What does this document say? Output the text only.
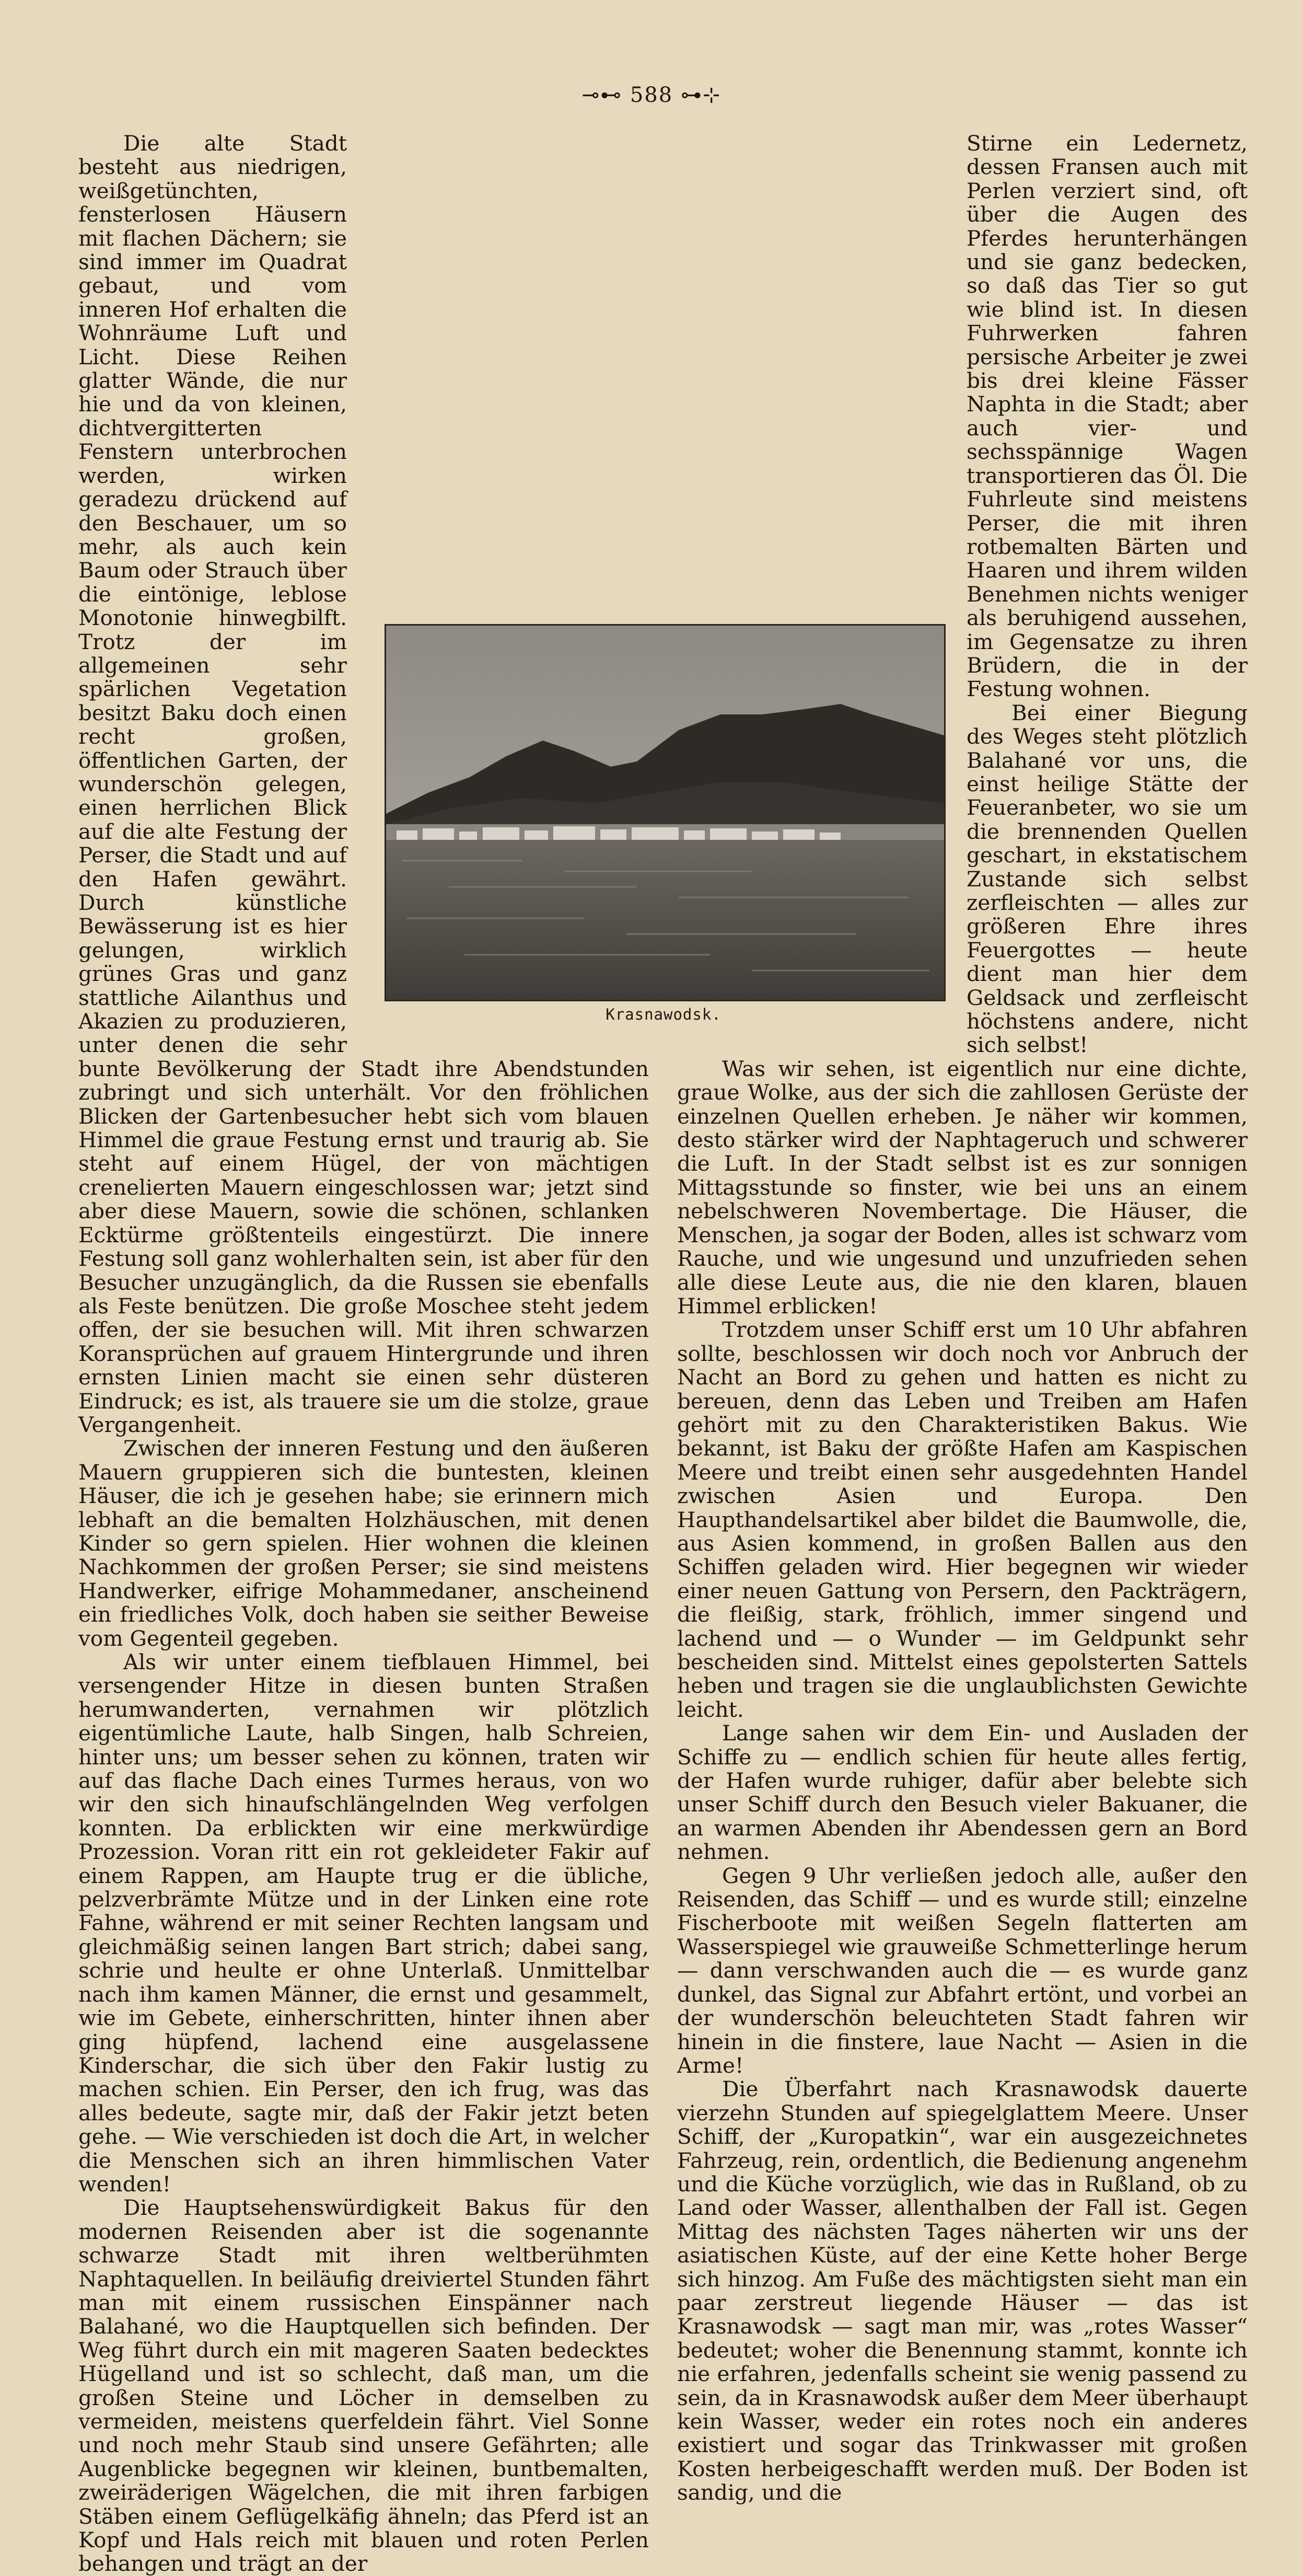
⊸⊷ 588 ⊶⊹

Die alte Stadt besteht aus niedrigen, weißgetünchten, fensterlosen Häusern mit flachen Dächern; sie sind immer im Quadrat gebaut, und vom inneren Hof erhalten die Wohnräume Luft und Licht. Diese Reihen glatter Wände, die nur hie und da von kleinen, dichtvergitterten Fenstern unterbrochen werden, wirken geradezu drückend auf den Beschauer, um so mehr, als auch kein Baum oder Strauch über die eintönige, leblose Monotonie hinwegbilft. Trotz der im allgemeinen sehr spärlichen Vegetation besitzt Baku doch einen recht großen, öffentlichen Garten, der wunderschön gelegen, einen herrlichen Blick auf die alte Festung der Perser, die Stadt und auf den Hafen gewährt. Durch künstliche Bewässerung ist es hier gelungen, wirklich grünes Gras und ganz stattliche Ailanthus und Akazien zu produzieren, unter denen die sehr bunte Bevölkerung der Stadt ihre Abendstunden zubringt und sich unterhält. Vor den fröhlichen Blicken der Gartenbesucher hebt sich vom blauen Himmel die graue Festung ernst und traurig ab. Sie steht auf einem Hügel, der von mächtigen crenelierten Mauern eingeschlossen war; jetzt sind aber diese Mauern, sowie die schönen, schlanken Ecktürme größtenteils eingestürzt. Die innere Festung soll ganz wohlerhalten sein, ist aber für den Besucher unzugänglich, da die Russen sie ebenfalls als Feste benützen. Die große Moschee steht jedem offen, der sie besuchen will. Mit ihren schwarzen Koransprüchen auf grauem Hintergrunde und ihren ernsten Linien macht sie einen sehr düsteren Eindruck; es ist, als trauere sie um die stolze, graue Vergangenheit.

Zwischen der inneren Festung und den äußeren Mauern gruppieren sich die buntesten, kleinen Häuser, die ich je gesehen habe; sie erinnern mich lebhaft an die bemalten Holzhäuschen, mit denen Kinder so gern spielen. Hier wohnen die kleinen Nachkommen der großen Perser; sie sind meistens Handwerker, eifrige Mohammedaner, anscheinend ein friedliches Volk, doch haben sie seither Beweise vom Gegenteil gegeben.

Als wir unter einem tiefblauen Himmel, bei versengender Hitze in diesen bunten Straßen herumwanderten, vernahmen wir plötzlich eigentümliche Laute, halb Singen, halb Schreien, hinter uns; um besser sehen zu können, traten wir auf das flache Dach eines Turmes heraus, von wo wir den sich hinaufschlängelnden Weg verfolgen konnten. Da erblickten wir eine merkwürdige Prozession. Voran ritt ein rot gekleideter Fakir auf einem Rappen, am Haupte trug er die übliche, pelzverbrämte Mütze und in der Linken eine rote Fahne, während er mit seiner Rechten langsam und gleichmäßig seinen langen Bart strich; dabei sang, schrie und heulte er ohne Unterlaß. Unmittelbar nach ihm kamen Männer, die ernst und gesammelt, wie im Gebete, einherschritten, hinter ihnen aber ging hüpfend, lachend eine ausgelassene Kinderschar, die sich über den Fakir lustig zu machen schien. Ein Perser, den ich frug, was das alles bedeute, sagte mir, daß der Fakir jetzt beten gehe. — Wie verschieden ist doch die Art, in welcher die Menschen sich an ihren himmlischen Vater wenden!

Die Hauptsehenswürdigkeit Bakus für den modernen Reisenden aber ist die sogenannte schwarze Stadt mit ihren weltberühmten Naphtaquellen. In beiläufig dreiviertel Stunden fährt man mit einem russischen Einspänner nach Balahané, wo die Hauptquellen sich befinden. Der Weg führt durch ein mit mageren Saaten bedecktes Hügelland und ist so schlecht, daß man, um die großen Steine und Löcher in demselben zu vermeiden, meistens querfeldein fährt. Viel Sonne und noch mehr Staub sind unsere Gefährten; alle Augenblicke begegnen wir kleinen, buntbemalten, zweiräderigen Wägelchen, die mit ihren farbigen Stäben einem Geflügelkäfig ähneln; das Pferd ist an Kopf und Hals reich mit blauen und roten Perlen behangen und trägt an der

Stirne ein Ledernetz, dessen Fransen auch mit Perlen verziert sind, oft über die Augen des Pferdes herunterhängen und sie ganz bedecken, so daß das Tier so gut wie blind ist. In diesen Fuhrwerken fahren persische Arbeiter je zwei bis drei kleine Fässer Naphta in die Stadt; aber auch vier- und sechsspännige Wagen transportieren das Öl. Die Fuhrleute sind meistens Perser, die mit ihren rotbemalten Bärten und Haaren und ihrem wilden Benehmen nichts weniger als beruhigend aussehen, im Gegensatze zu ihren Brüdern, die in der Festung wohnen.

Bei einer Biegung des Weges steht plötzlich Balahané vor uns, die einst heilige Stätte der Feueranbeter, wo sie um die brennenden Quellen geschart, in ekstatischem Zustande sich selbst zerfleischten — alles zur größeren Ehre ihres Feuergottes — heute dient man hier dem Geldsack und zerfleischt höchstens andere, nicht sich selbst!

Was wir sehen, ist eigentlich nur eine dichte, graue Wolke, aus der sich die zahllosen Gerüste der einzelnen Quellen erheben. Je näher wir kommen, desto stärker wird der Naphtageruch und schwerer die Luft. In der Stadt selbst ist es zur sonnigen Mittagsstunde so finster, wie bei uns an einem nebelschweren Novembertage. Die Häuser, die Menschen, ja sogar der Boden, alles ist schwarz vom Rauche, und wie ungesund und unzufrieden sehen alle diese Leute aus, die nie den klaren, blauen Himmel erblicken!

Trotzdem unser Schiff erst um 10 Uhr abfahren sollte, beschlossen wir doch noch vor Anbruch der Nacht an Bord zu gehen und hatten es nicht zu bereuen, denn das Leben und Treiben am Hafen gehört mit zu den Charakteristiken Bakus. Wie bekannt, ist Baku der größte Hafen am Kaspischen Meere und treibt einen sehr ausgedehnten Handel zwischen Asien und Europa. Den Haupthandelsartikel aber bildet die Baumwolle, die, aus Asien kommend, in großen Ballen aus den Schiffen geladen wird. Hier begegnen wir wieder einer neuen Gattung von Persern, den Packträgern, die fleißig, stark, fröhlich, immer singend und lachend und — o Wunder — im Geldpunkt sehr bescheiden sind. Mittelst eines gepolsterten Sattels heben und tragen sie die unglaublichsten Gewichte leicht.

Lange sahen wir dem Ein- und Ausladen der Schiffe zu — endlich schien für heute alles fertig, der Hafen wurde ruhiger, dafür aber belebte sich unser Schiff durch den Besuch vieler Bakuaner, die an warmen Abenden ihr Abendessen gern an Bord nehmen.

Gegen 9 Uhr verließen jedoch alle, außer den Reisenden, das Schiff — und es wurde still; einzelne Fischerboote mit weißen Segeln flatterten am Wasserspiegel wie grauweiße Schmetterlinge herum — dann verschwanden auch die — es wurde ganz dunkel, das Signal zur Abfahrt ertönt, und vorbei an der wunderschön beleuchteten Stadt fahren wir hinein in die finstere, laue Nacht — Asien in die Arme!

Die Überfahrt nach Krasnawodsk dauerte vierzehn Stunden auf spiegelglattem Meere. Unser Schiff, der „Kuropatkin“, war ein ausgezeichnetes Fahrzeug, rein, ordentlich, die Bedienung angenehm und die Küche vorzüglich, wie das in Rußland, ob zu Land oder Wasser, allenthalben der Fall ist. Gegen Mittag des nächsten Tages näherten wir uns der asiatischen Küste, auf der eine Kette hoher Berge sich hinzog. Am Fuße des mächtigsten sieht man ein paar zerstreut liegende Häuser — das ist Krasnawodsk — sagt man mir, was „rotes Wasser“ bedeutet; woher die Benennung stammt, konnte ich nie erfahren, jedenfalls scheint sie wenig passend zu sein, da in Krasnawodsk außer dem Meer überhaupt kein Wasser, weder ein rotes noch ein anderes existiert und sogar das Trinkwasser mit großen Kosten herbeigeschafft werden muß. Der Boden ist sandig, und die

Krasnawodsk.
